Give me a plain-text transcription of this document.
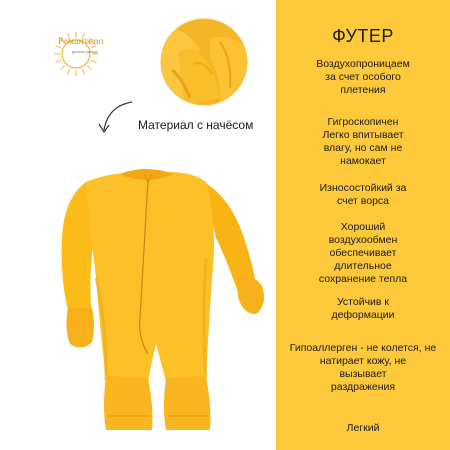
Романтино
детская одежда
Материал с начёсом
ФУТЕР
Воздухопроницаем
за счет особого
плетения
Гигроскопичен
Легко впитывает
влагу, но сам не
намокает
Износостойкий за
счет ворса
Хороший
воздухообмен
обеспечивает
длительное
сохранение тепла
Устойчив к
деформации
Гипоаллерген - не колется, не
натирает кожу, не
вызывает
раздражения
Легкий
